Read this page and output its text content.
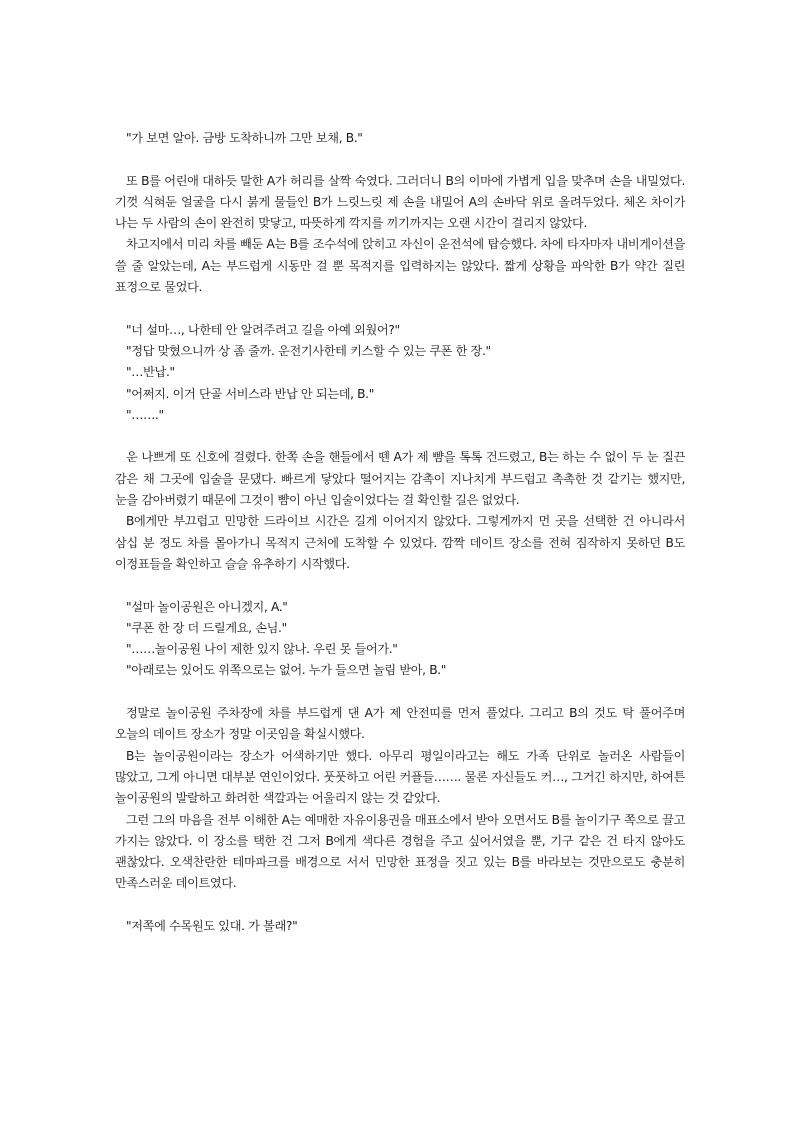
"가 보면 알아. 금방 도착하니까 그만 보채, B."

또 B를 어린애 대하듯 말한 A가 허리를 살짝 숙였다. 그러더니 B의 이마에 가볍게 입을 맞추며 손을 내밀었다. 기껏 식혀둔 얼굴을 다시 붉게 물들인 B가 느릿느릿 제 손을 내밀어 A의 손바닥 위로 올려두었다. 체온 차이가 나는 두 사람의 손이 완전히 맞닿고, 따뜻하게 깍지를 끼기까지는 오랜 시간이 걸리지 않았다.

차고지에서 미리 차를 빼둔 A는 B를 조수석에 앉히고 자신이 운전석에 탑승했다. 차에 타자마자 내비게이션을 쓸 줄 알았는데, A는 부드럽게 시동만 걸 뿐 목적지를 입력하지는 않았다. 짧게 상황을 파악한 B가 약간 질린 표정으로 물었다.

"너 설마…, 나한테 안 알려주려고 길을 아예 외웠어?"

"정답 맞혔으니까 상 좀 줄까. 운전기사한테 키스할 수 있는 쿠폰 한 장."

"…반납."

"어쩌지. 이거 단골 서비스라 반납 안 되는데, B."

"……."

운 나쁘게 또 신호에 걸렸다. 한쪽 손을 핸들에서 뗀 A가 제 뺨을 톡톡 건드렸고, B는 하는 수 없이 두 눈 질끈 감은 채 그곳에 입술을 문댔다. 빠르게 닿았다 떨어지는 감촉이 지나치게 부드럽고 촉촉한 것 같기는 했지만, 눈을 감아버렸기 때문에 그것이 뺨이 아닌 입술이었다는 걸 확인할 길은 없었다.

B에게만 부끄럽고 민망한 드라이브 시간은 길게 이어지지 않았다. 그렇게까지 먼 곳을 선택한 건 아니라서 삼십 분 정도 차를 몰아가니 목적지 근처에 도착할 수 있었다. 깜짝 데이트 장소를 전혀 짐작하지 못하던 B도 이정표들을 확인하고 슬슬 유추하기 시작했다.

"설마 놀이공원은 아니겠지, A."

"쿠폰 한 장 더 드릴게요, 손님."

"……놀이공원 나이 제한 있지 않나. 우린 못 들어가."

"아래로는 있어도 위쪽으로는 없어. 누가 들으면 놀림 받아, B."

정말로 놀이공원 주차장에 차를 부드럽게 댄 A가 제 안전띠를 먼저 풀었다. 그리고 B의 것도 탁 풀어주며 오늘의 데이트 장소가 정말 이곳임을 확실시했다.

B는 놀이공원이라는 장소가 어색하기만 했다. 아무리 평일이라고는 해도 가족 단위로 놀러온 사람들이 많았고, 그게 아니면 대부분 연인이었다. 풋풋하고 어린 커플들……. 물론 자신들도 커…, 그거긴 하지만, 하여튼 놀이공원의 발랄하고 화려한 색깔과는 어울리지 않는 것 같았다.

그런 그의 마음을 전부 이해한 A는 예매한 자유이용권을 매표소에서 받아 오면서도 B를 놀이기구 쪽으로 끌고 가지는 않았다. 이 장소를 택한 건 그저 B에게 색다른 경험을 주고 싶어서였을 뿐, 기구 같은 건 타지 않아도 괜찮았다. 오색찬란한 테마파크를 배경으로 서서 민망한 표정을 짓고 있는 B를 바라보는 것만으로도 충분히 만족스러운 데이트였다.

"저쪽에 수목원도 있대. 가 볼래?"
